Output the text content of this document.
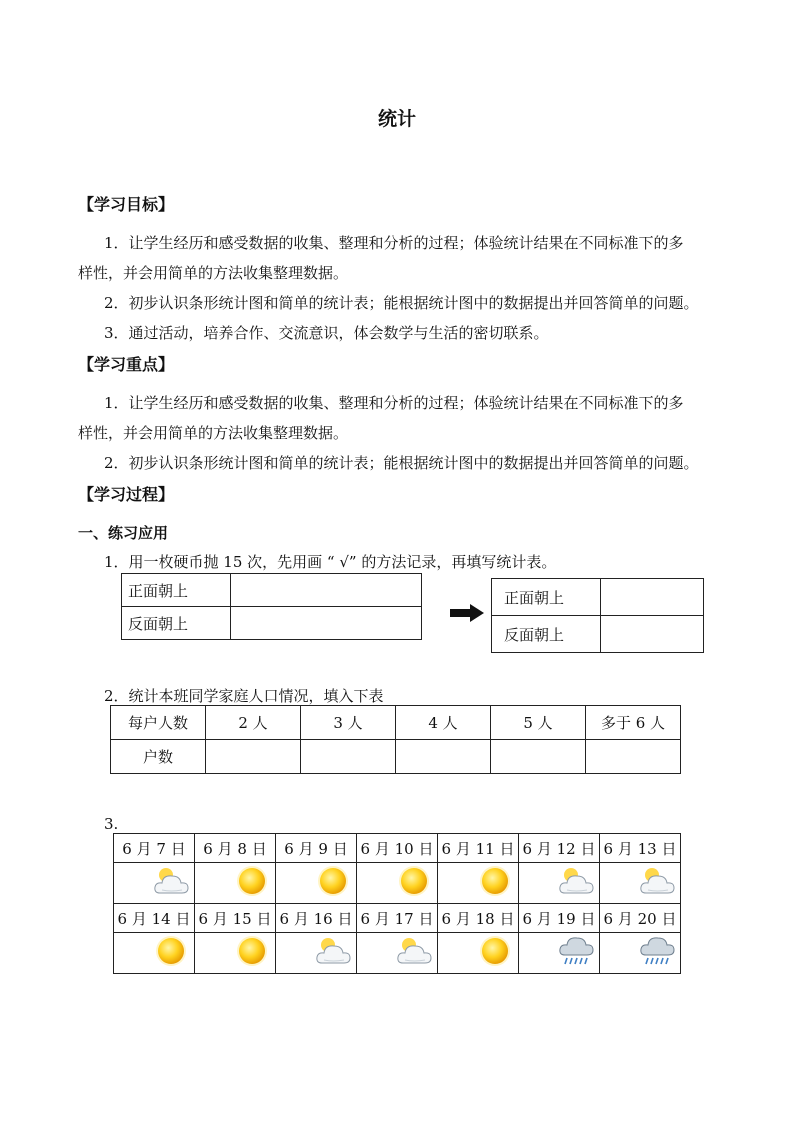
统计
【学习目标】
1．让学生经历和感受数据的收集、整理和分析的过程；体验统计结果在不同标准下的多
样性，并会用简单的方法收集整理数据。
2．初步认识条形统计图和简单的统计表；能根据统计图中的数据提出并回答简单的问题。
3．通过活动，培养合作、交流意识，体会数学与生活的密切联系。
【学习重点】
1．让学生经历和感受数据的收集、整理和分析的过程；体验统计结果在不同标准下的多
样性，并会用简单的方法收集整理数据。
2．初步认识条形统计图和简单的统计表；能根据统计图中的数据提出并回答简单的问题。
【学习过程】
一、练习应用
1．用一枚硬币抛 15 次，先用画 “ √” 的方法记录，再填写统计表。
正面朝上	
反面朝上	
正面朝上	
反面朝上	
2．统计本班同学家庭人口情况，填入下表
每户人数	2 人	3 人	4 人	5 人	多于 6 人
户数					
3.
6 月 7 日	6 月 8 日	6 月 9 日	6 月 10 日	6 月 11 日	6 月 12 日	6 月 13 日

6 月 14 日	6 月 15 日	6 月 16 日	6 月 17 日	6 月 18 日	6 月 19 日	6 月 20 日
